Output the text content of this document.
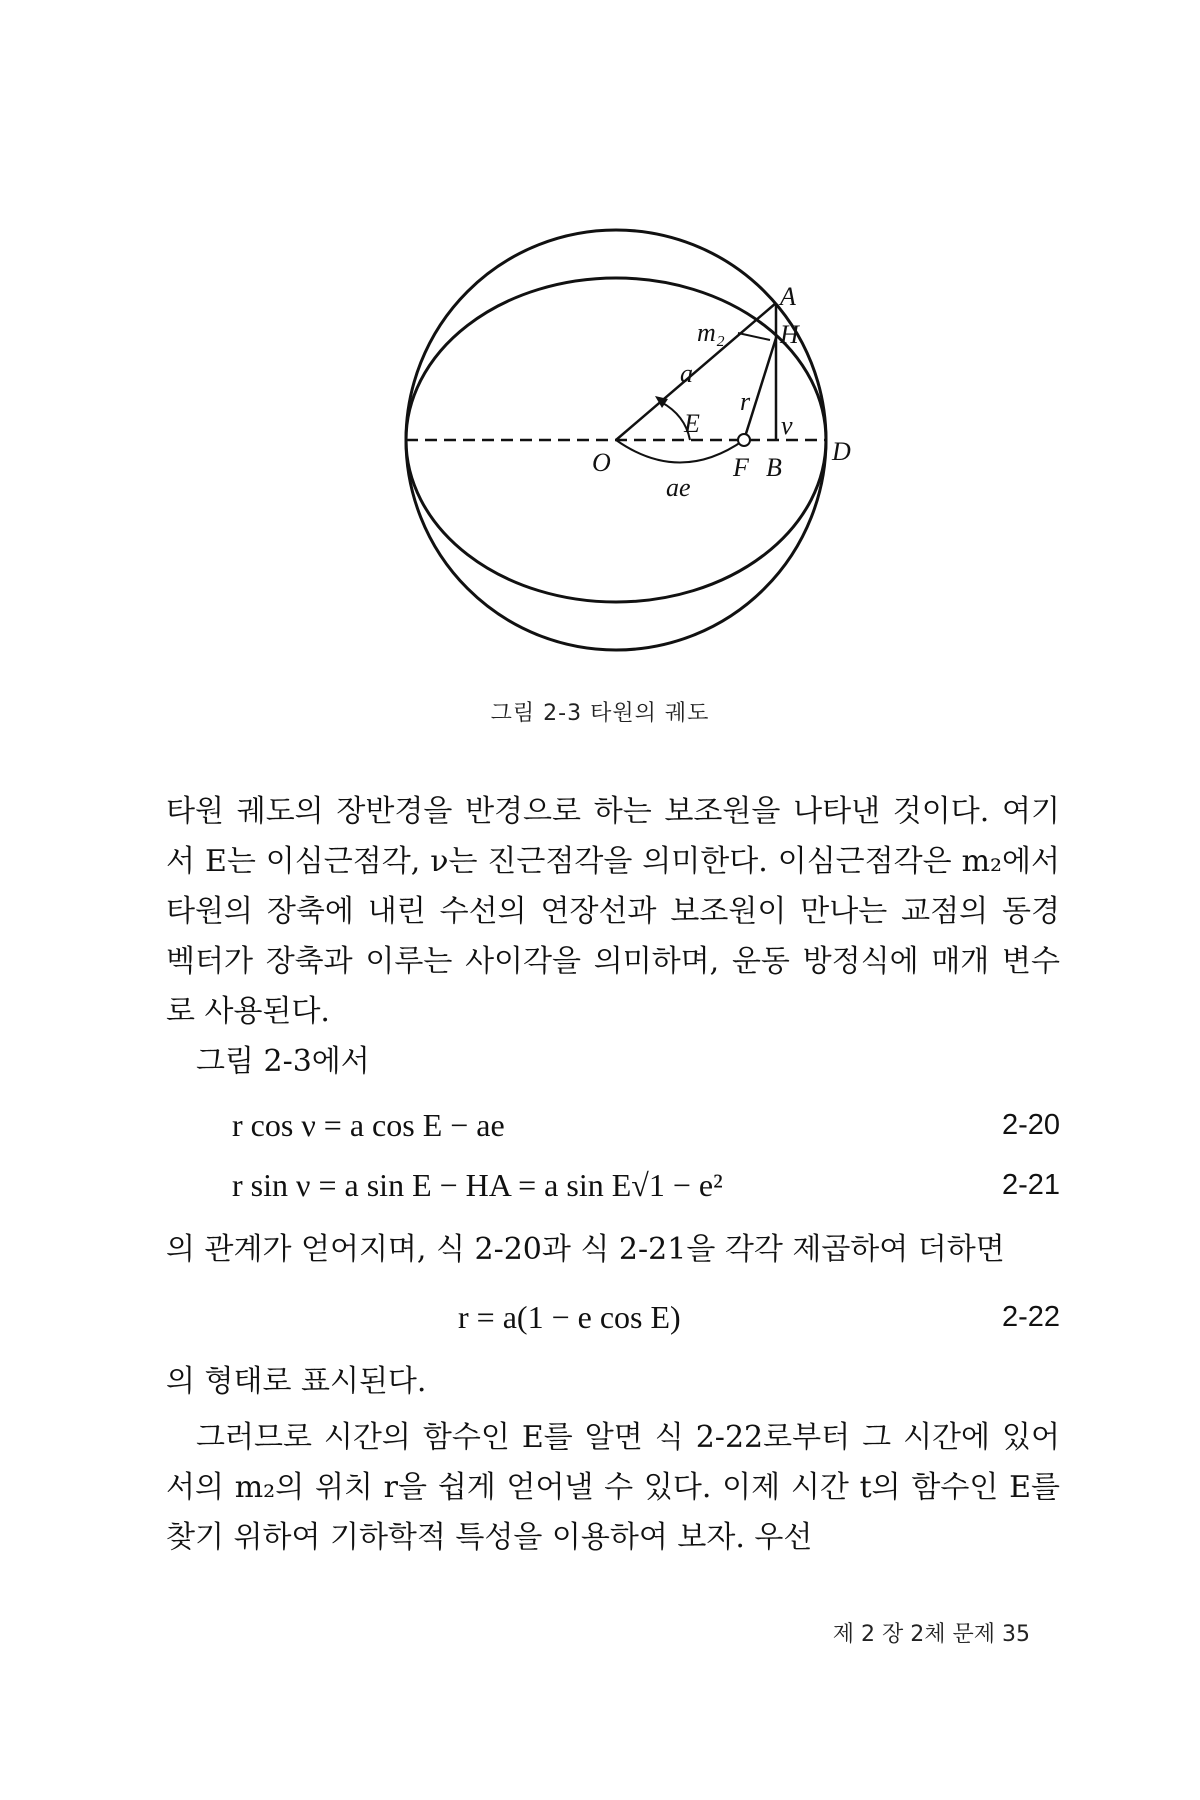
A
H
m₂
a
r
E	ν
O	F B
D
ae
그림 2-3 타원의 궤도

타원 궤도의 장반경을 반경으로 하는 보조원을 나타낸 것이다. 여기서 E는 이심근점각, ν는 진근점각을 의미한다. 이심근점각은 m₂에서 타원의 장축에 내린 수선의 연장선과 보조원이 만나는 교점의 동경 벡터가 장축과 이루는 사이각을 의미하며, 운동 방정식에 매개 변수로 사용된다.

그림 2-3에서

r cos ν = a cos E − ae	2-20
r sin ν = a sin E − HA = a sin E√1 − e²	2-21

의 관계가 얻어지며, 식 2-20과 식 2-21을 각각 제곱하여 더하면

r = a(1 − e cos E)	2-22

의 형태로 표시된다.

그러므로 시간의 함수인 E를 알면 식 2-22로부터 그 시간에 있어서의 m₂의 위치 r을 쉽게 얻어낼 수 있다. 이제 시간 t의 함수인 E를 찾기 위하여 기하학적 특성을 이용하여 보자. 우선

제 2 장 2체 문제 35
